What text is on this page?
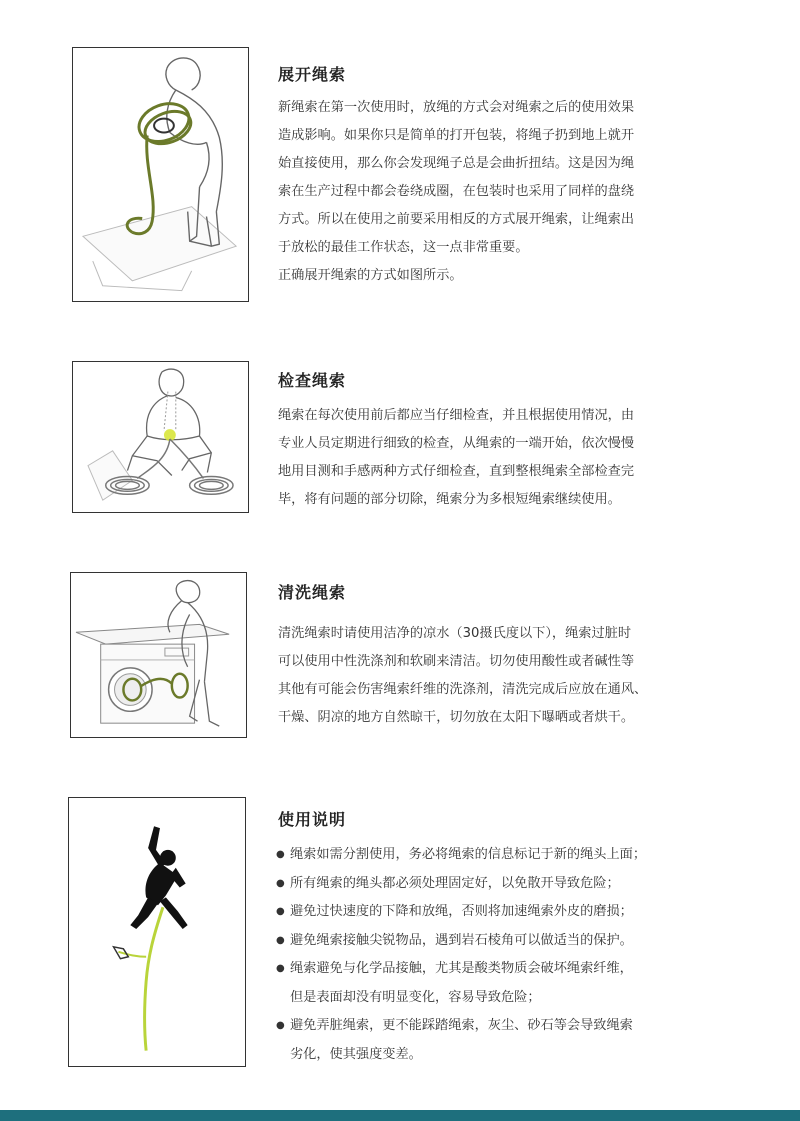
展开绳索
新绳索在第一次使用时，放绳的方式会对绳索之后的使用效果
造成影响。如果你只是简单的打开包装，将绳子扔到地上就开
始直接使用，那么你会发现绳子总是会曲折扭结。这是因为绳
索在生产过程中都会卷绕成圈，在包装时也采用了同样的盘绕
方式。所以在使用之前要采用相反的方式展开绳索，让绳索出
于放松的最佳工作状态，这一点非常重要。
正确展开绳索的方式如图所示。
检查绳索
绳索在每次使用前后都应当仔细检查，并且根据使用情况，由
专业人员定期进行细致的检查，从绳索的一端开始，依次慢慢
地用目测和手感两种方式仔细检查，直到整根绳索全部检查完
毕，将有问题的部分切除，绳索分为多根短绳索继续使用。
清洗绳索
清洗绳索时请使用洁净的凉水（30摄氏度以下），绳索过脏时
可以使用中性洗涤剂和软刷来清洁。切勿使用酸性或者碱性等
其他有可能会伤害绳索纤维的洗涤剂，清洗完成后应放在通风、
干燥、阴凉的地方自然晾干，切勿放在太阳下曝晒或者烘干。
使用说明
● 绳索如需分割使用，务必将绳索的信息标记于新的绳头上面；
● 所有绳索的绳头都必须处理固定好，以免散开导致危险；
● 避免过快速度的下降和放绳，否则将加速绳索外皮的磨损；
● 避免绳索接触尖锐物品，遇到岩石棱角可以做适当的保护。
● 绳索避免与化学品接触，尤其是酸类物质会破坏绳索纤维，
但是表面却没有明显变化，容易导致危险；
● 避免弄脏绳索，更不能踩踏绳索，灰尘、砂石等会导致绳索
劣化，使其强度变差。
